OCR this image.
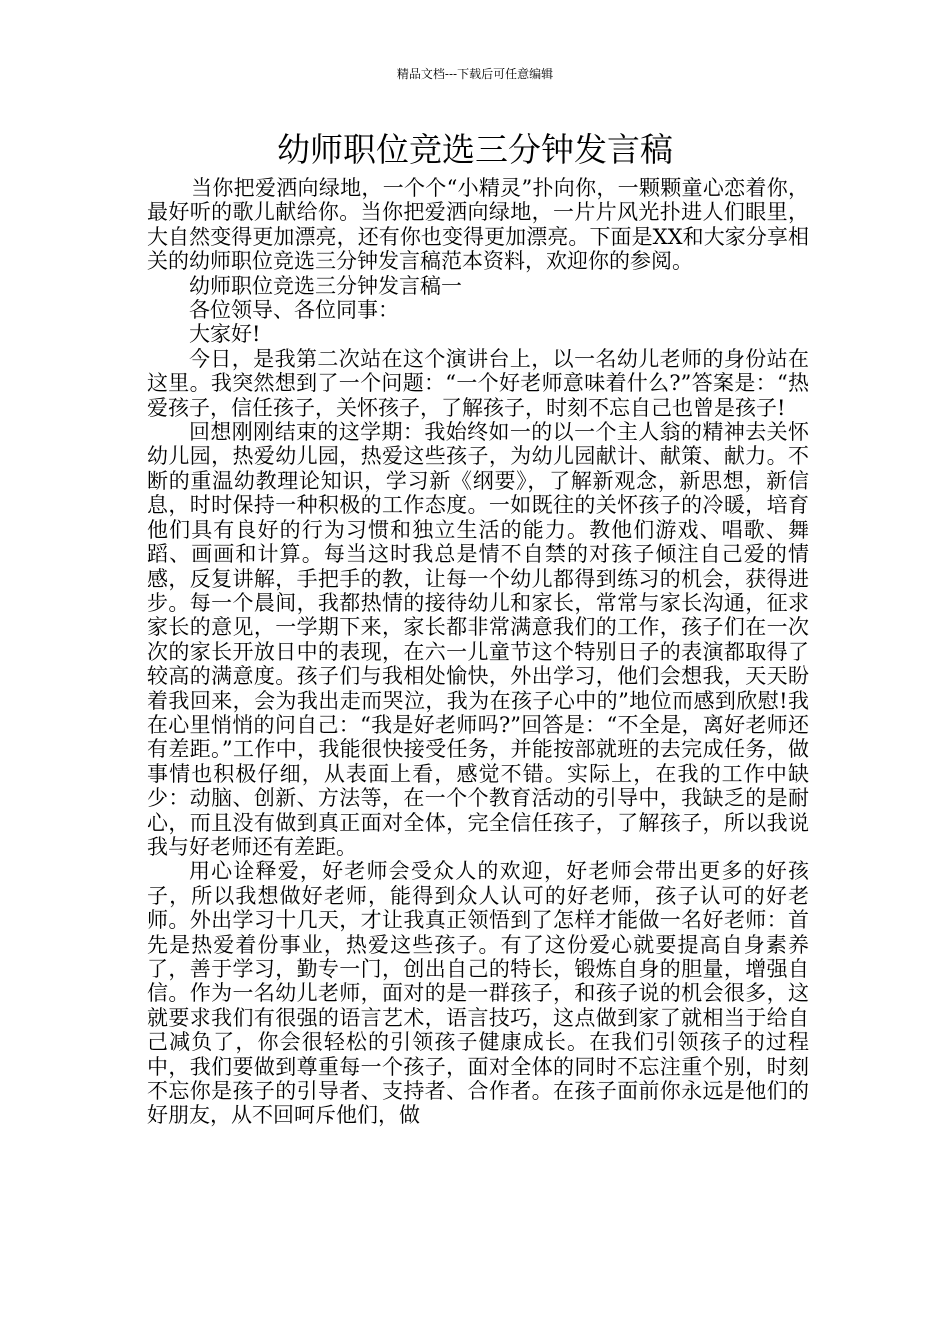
精品文档---下载后可任意编辑
幼师职位竞选三分钟发言稿

当你把爱洒向绿地，一个个“小精灵”扑向你，一颗颗童心恋着你，最好听的歌儿献给你。当你把爱洒向绿地，一片片风光扑进人们眼里，大自然变得更加漂亮，还有你也变得更加漂亮。下面是XX和大家分享相关的幼师职位竞选三分钟发言稿范本资料，欢迎你的参阅。

幼师职位竞选三分钟发言稿一

各位领导、各位同事：

大家好!

今日，是我第二次站在这个演讲台上，以一名幼儿老师的身份站在这里。我突然想到了一个问题：“一个好老师意味着什么?”答案是：“热爱孩子，信任孩子，关怀孩子，了解孩子，时刻不忘自己也曾是孩子!

回想刚刚结束的这学期：我始终如一的以一个主人翁的精神去关怀幼儿园，热爱幼儿园，热爱这些孩子，为幼儿园献计、献策、献力。不断的重温幼教理论知识，学习新《纲要》，了解新观念，新思想，新信息，时时保持一种积极的工作态度。一如既往的关怀孩子的冷暖，培育他们具有良好的行为习惯和独立生活的能力。教他们游戏、唱歌、舞蹈、画画和计算。每当这时我总是情不自禁的对孩子倾注自己爱的情感，反复讲解，手把手的教，让每一个幼儿都得到练习的机会，获得进步。每一个晨间，我都热情的接待幼儿和家长，常常与家长沟通，征求家长的意见，一学期下来，家长都非常满意我们的工作，孩子们在一次次的家长开放日中的表现，在六一儿童节这个特别日子的表演都取得了较高的满意度。孩子们与我相处愉快，外出学习，他们会想我，天天盼着我回来，会为我出走而哭泣，我为在孩子心中的”地位而感到欣慰!我在心里悄悄的问自己：“我是好老师吗?”回答是：“不全是，离好老师还有差距。”工作中，我能很快接受任务，并能按部就班的去完成任务，做事情也积极仔细，从表面上看，感觉不错。实际上，在我的工作中缺少：动脑、创新、方法等，在一个个教育活动的引导中，我缺乏的是耐心，而且没有做到真正面对全体，完全信任孩子，了解孩子，所以我说我与好老师还有差距。

用心诠释爱，好老师会受众人的欢迎，好老师会带出更多的好孩子，所以我想做好老师，能得到众人认可的好老师，孩子认可的好老师。外出学习十几天，才让我真正领悟到了怎样才能做一名好老师：首先是热爱着份事业，热爱这些孩子。有了这份爱心就要提高自身素养了，善于学习，勤专一门，创出自己的特长，锻炼自身的胆量，增强自信。作为一名幼儿老师，面对的是一群孩子，和孩子说的机会很多，这就要求我们有很强的语言艺术，语言技巧，这点做到家了就相当于给自己减负了，你会很轻松的引领孩子健康成长。在我们引领孩子的过程中，我们要做到尊重每一个孩子，面对全体的同时不忘注重个别，时刻不忘你是孩子的引导者、支持者、合作者。在孩子面前你永远是他们的好朋友，从不回呵斥他们，做
